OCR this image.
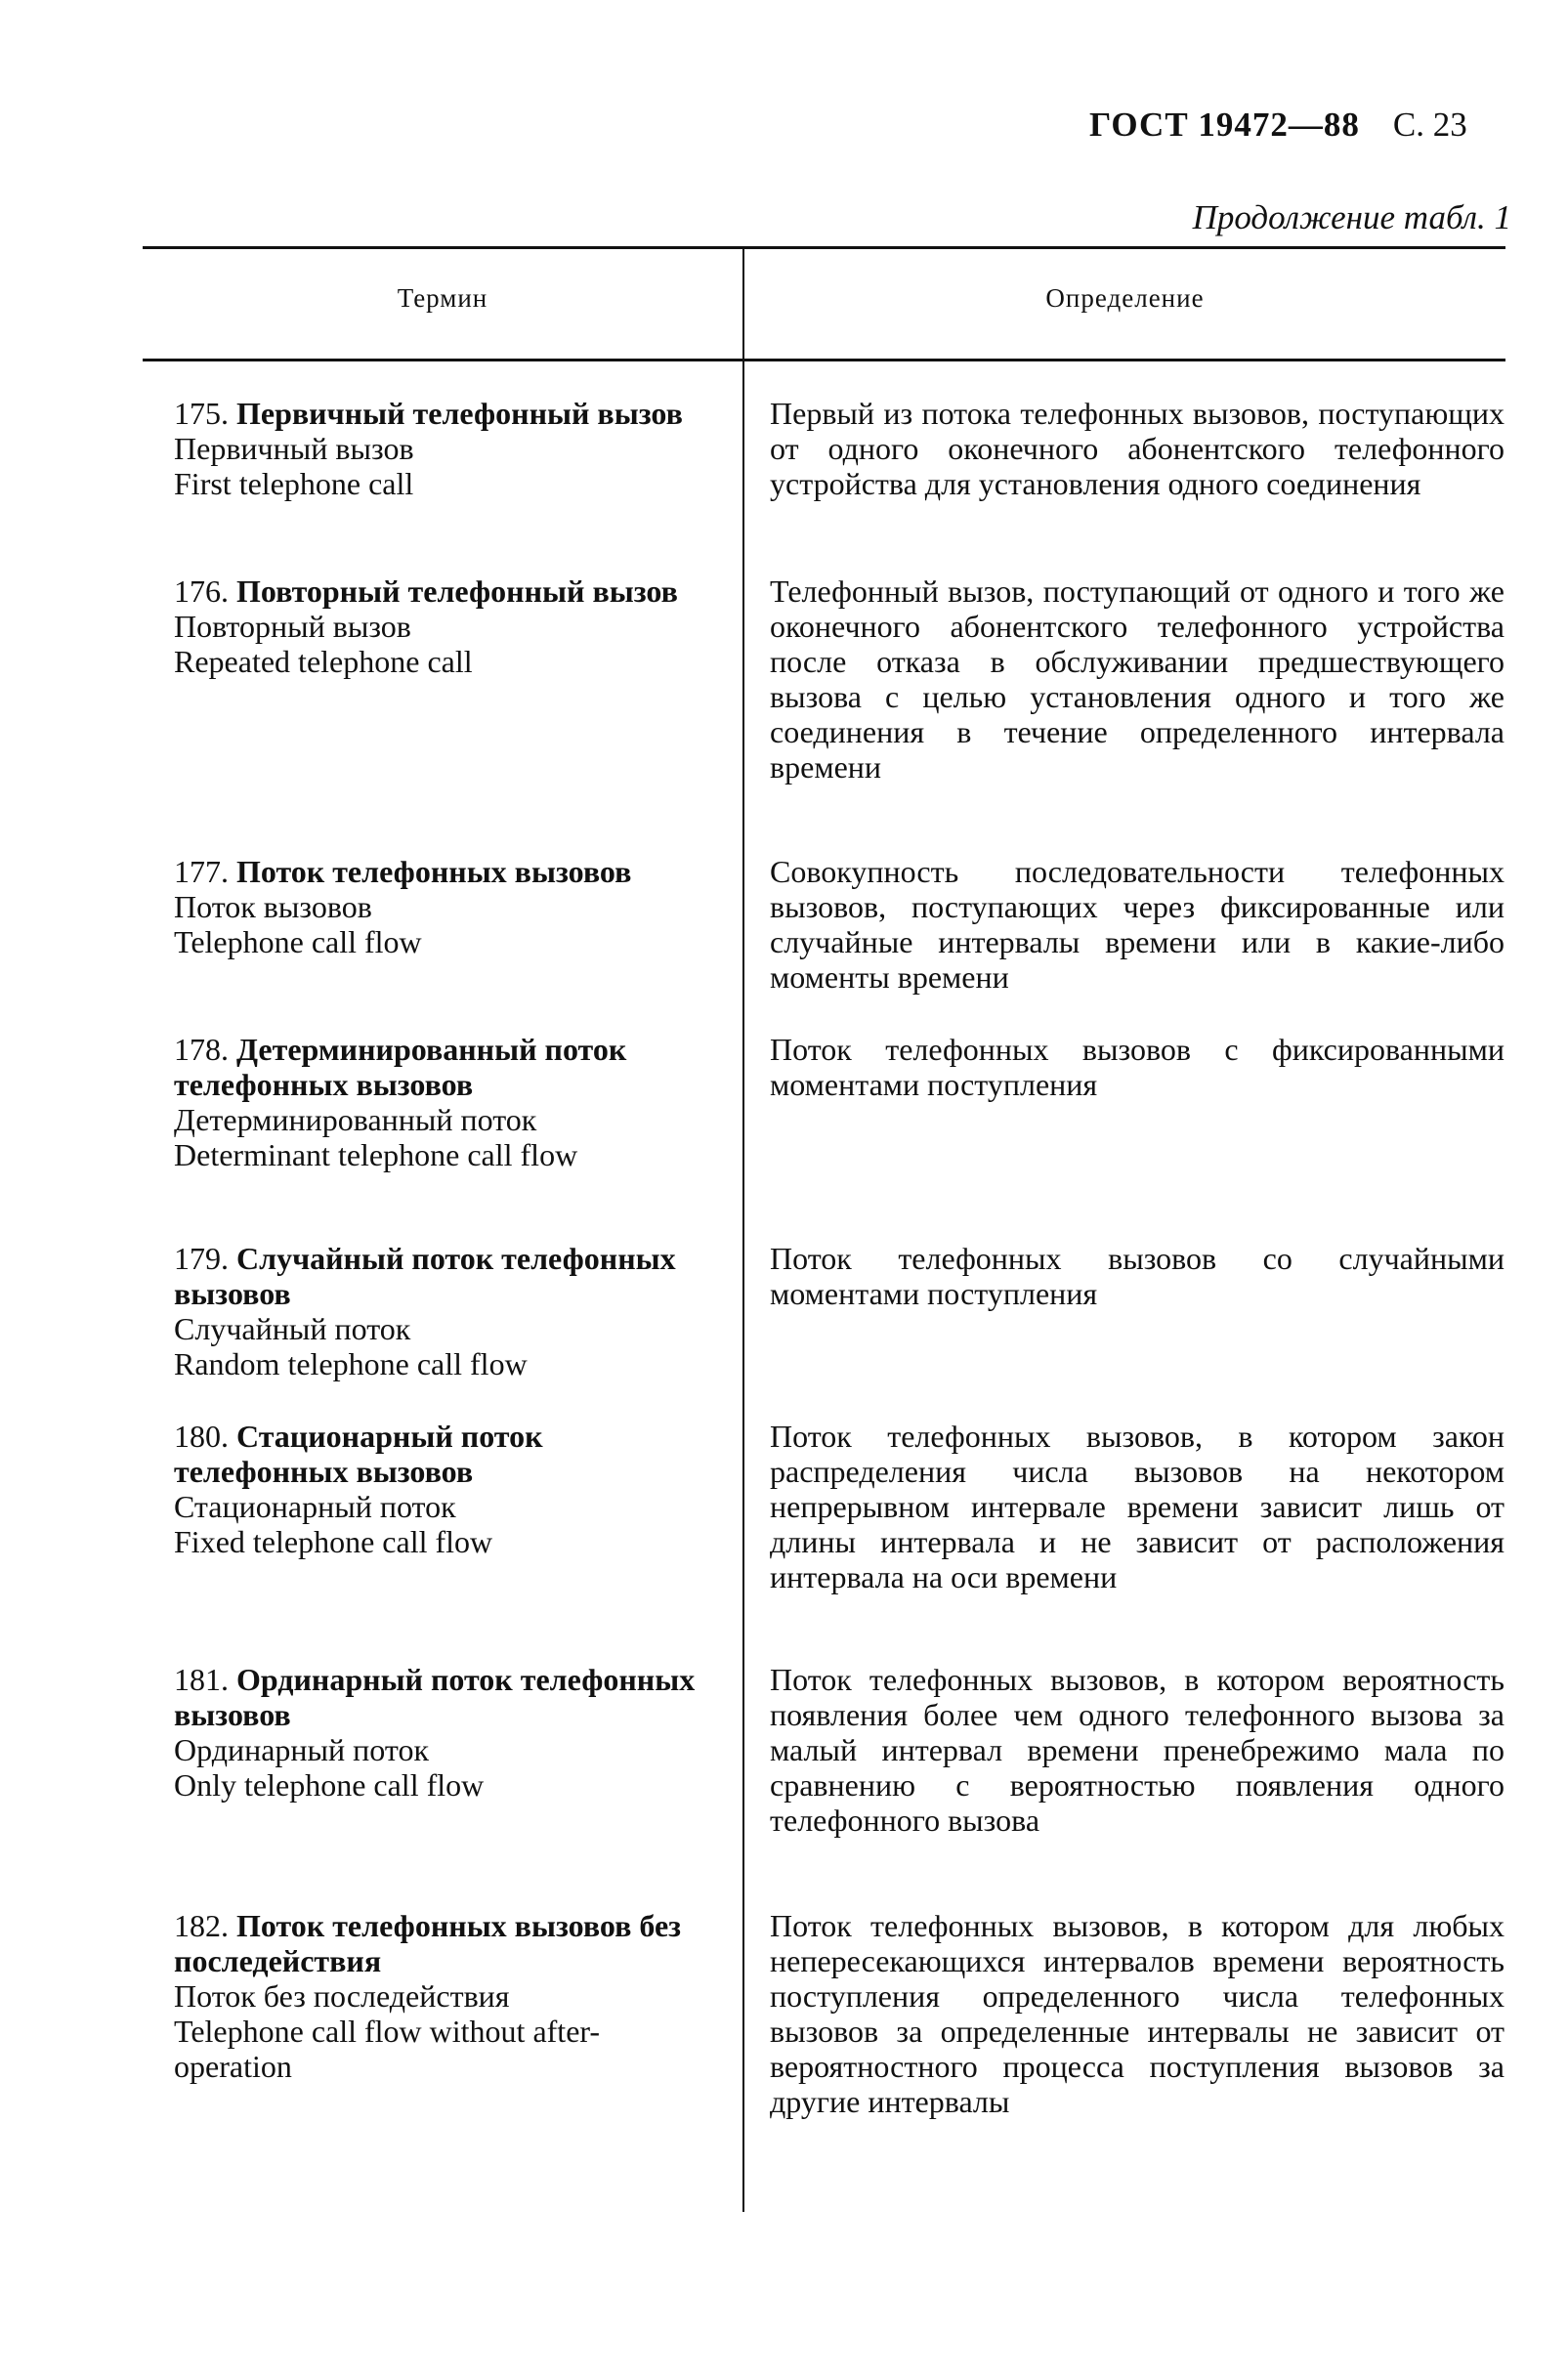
ГОСТ 19472—88 С. 23
Продолжение табл. 1
Термин	Определение
175. Первичный телефонный вызов
Первичный вызов
First telephone call
Первый из потока телефонных вызовов, поступающих от одного оконечного абонентского телефонного устройства для установления одного соединения
176. Повторный телефонный вызов
Повторный вызов
Repeated telephone call
Телефонный вызов, поступающий от одного и того же оконечного абонентского телефонного устройства после отказа в обслуживании предшествующего вызова с целью установления одного и того же соединения в течение определенного интервала времени
177. Поток телефонных вызовов
Поток вызовов
Telephone call flow
Совокупность последовательности телефонных вызовов, поступающих через фиксированные или случайные интервалы времени или в какие-либо моменты времени
178. Детерминированный поток телефонных вызовов
Детерминированный поток
Determinant telephone call flow
Поток телефонных вызовов с фиксированными моментами поступления
179. Случайный поток телефонных вызовов
Случайный поток
Random telephone call flow
Поток телефонных вызовов со случайными моментами поступления
180. Стационарный поток телефонных вызовов
Стационарный поток
Fixed telephone call flow
Поток телефонных вызовов, в котором закон распределения числа вызовов на некотором непрерывном интервале времени зависит лишь от длины интервала и не зависит от расположения интервала на оси времени
181. Ординарный поток телефонных вызовов
Ординарный поток
Only telephone call flow
Поток телефонных вызовов, в котором вероятность появления более чем одного телефонного вызова за малый интервал времени пренебрежимо мала по сравнению с вероятностью появления одного телефонного вызова
182. Поток телефонных вызовов без последействия
Поток без последействия
Telephone call flow without after-operation
Поток телефонных вызовов, в котором для любых непересекающихся интервалов времени вероятность поступления определенного числа телефонных вызовов за определенные интервалы не зависит от вероятностного процесса поступления вызовов за другие интервалы
